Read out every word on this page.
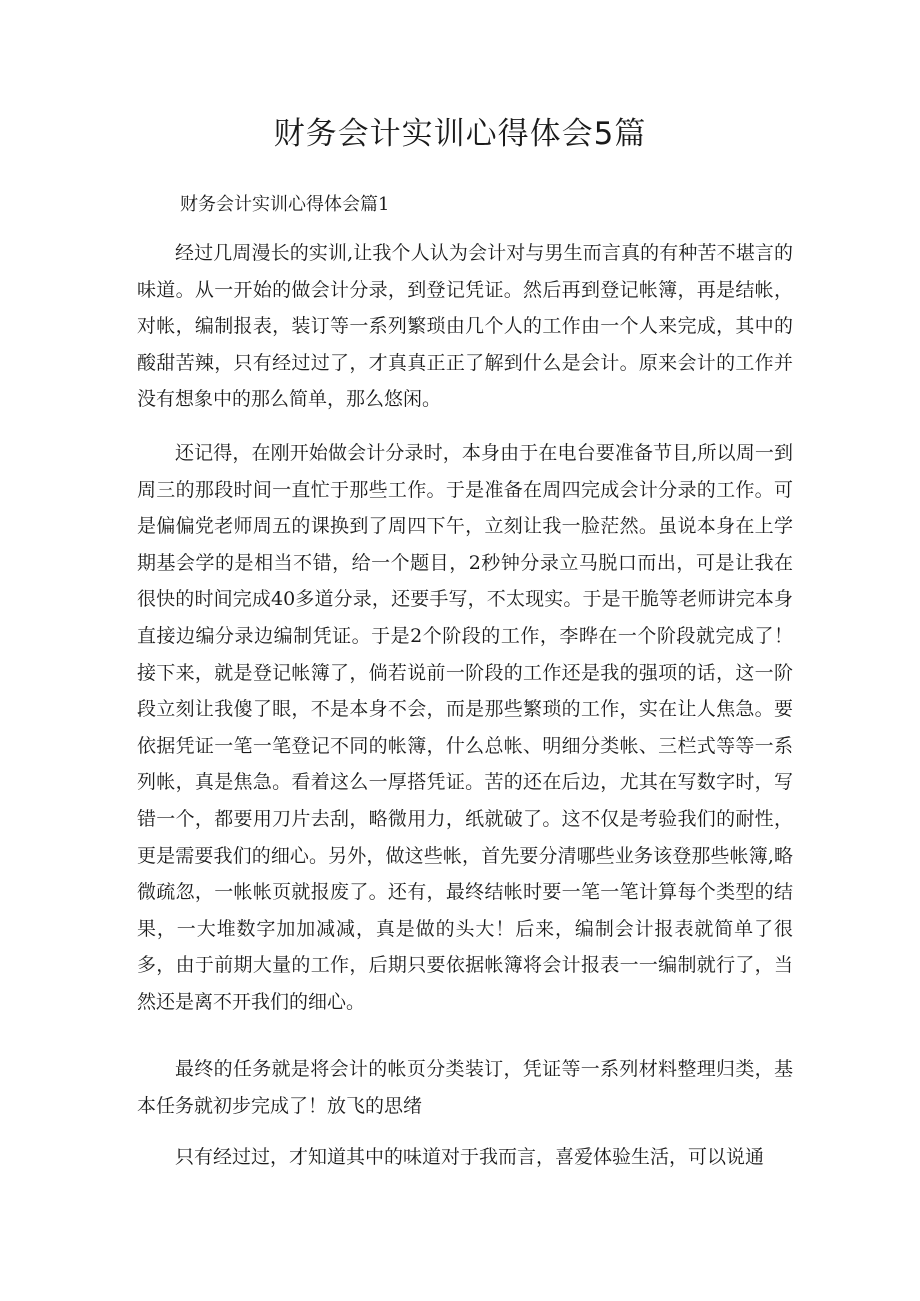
财务会计实训心得体会5篇

财务会计实训心得体会篇1

经过几周漫长的实训,让我个人认为会计对与男生而言真的有种苦不堪言的味道。从一开始的做会计分录，到登记凭证。然后再到登记帐簿，再是结帐，对帐，编制报表，装订等一系列繁琐由几个人的工作由一个人来完成，其中的酸甜苦辣，只有经过过了，才真真正正了解到什么是会计。原来会计的工作并没有想象中的那么简单，那么悠闲。

还记得，在刚开始做会计分录时，本身由于在电台要准备节目,所以周一到周三的那段时间一直忙于那些工作。于是准备在周四完成会计分录的工作。可是偏偏党老师周五的课换到了周四下午，立刻让我一脸茫然。虽说本身在上学期基会学的是相当不错，给一个题目，2秒钟分录立马脱口而出，可是让我在很快的时间完成40多道分录，还要手写，不太现实。于是干脆等老师讲完本身直接边编分录边编制凭证。于是2个阶段的工作，李晔在一个阶段就完成了！接下来，就是登记帐簿了，倘若说前一阶段的工作还是我的强项的话，这一阶段立刻让我傻了眼，不是本身不会，而是那些繁琐的工作，实在让人焦急。要依据凭证一笔一笔登记不同的帐簿，什么总帐、明细分类帐、三栏式等等一系列帐，真是焦急。看着这么一厚搭凭证。苦的还在后边，尤其在写数字时，写错一个，都要用刀片去刮，略微用力，纸就破了。这不仅是考验我们的耐性，更是需要我们的细心。另外，做这些帐，首先要分清哪些业务该登那些帐簿,略微疏忽，一帐帐页就报废了。还有，最终结帐时要一笔一笔计算每个类型的结果，一大堆数字加加减减，真是做的头大！后来，编制会计报表就简单了很多，由于前期大量的工作，后期只要依据帐簿将会计报表一一编制就行了，当然还是离不开我们的细心。

最终的任务就是将会计的帐页分类装订，凭证等一系列材料整理归类，基本任务就初步完成了！放飞的思绪

只有经过过，才知道其中的味道对于我而言，喜爱体验生活，可以说通
